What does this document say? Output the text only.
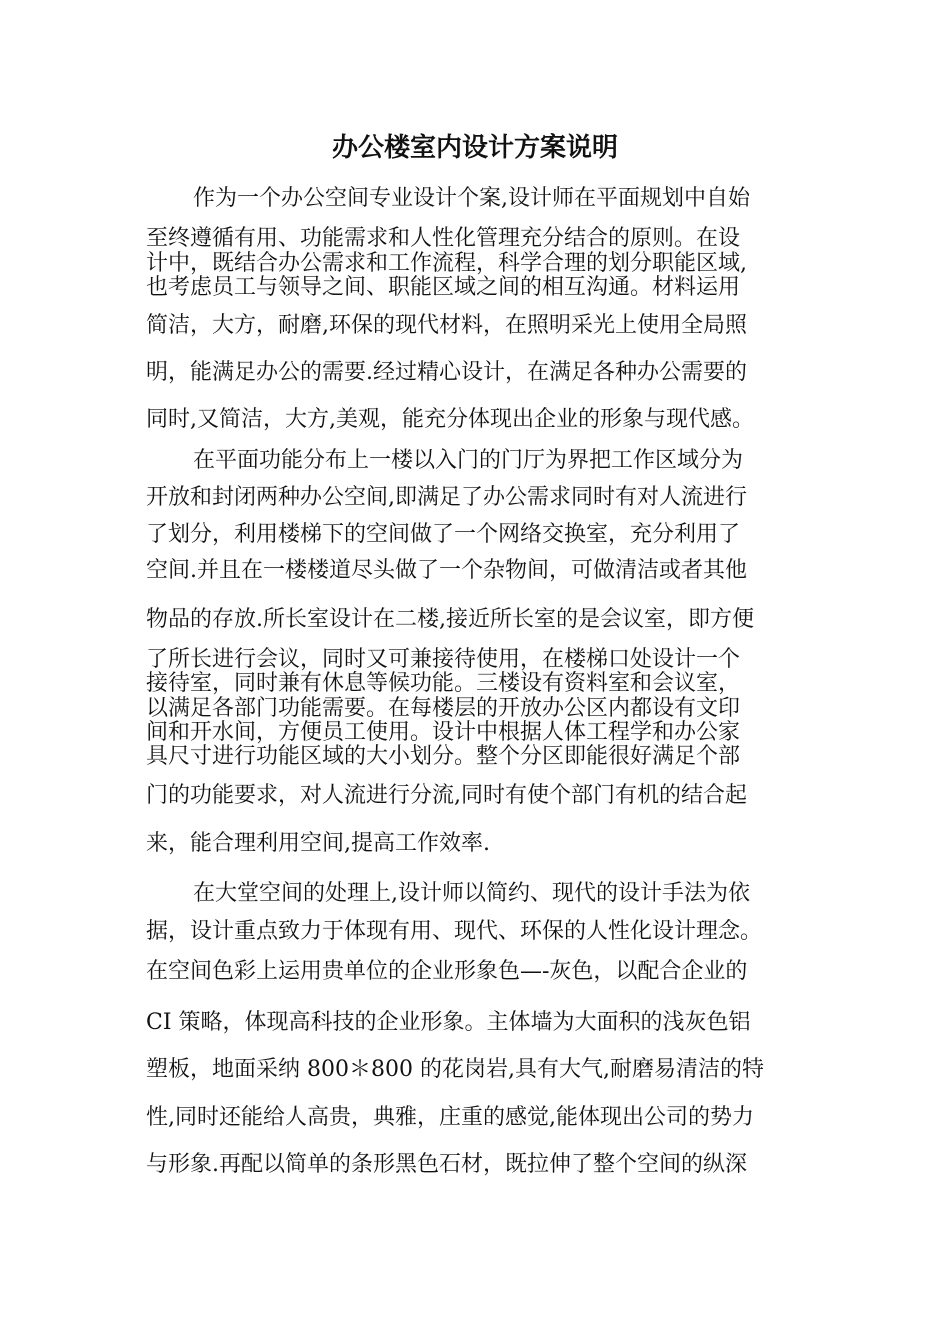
办公楼室内设计方案说明
作为一个办公空间专业设计个案,设计师在平面规划中自始
至终遵循有用、功能需求和人性化管理充分结合的原则。在设
计中，既结合办公需求和工作流程，科学合理的划分职能区域,
也考虑员工与领导之间、职能区域之间的相互沟通。材料运用
简洁，大方，耐磨,环保的现代材料，在照明采光上使用全局照
明，能满足办公的需要.经过精心设计，在满足各种办公需要的
同时,又简洁，大方,美观，能充分体现出企业的形象与现代感。
在平面功能分布上一楼以入门的门厅为界把工作区域分为
开放和封闭两种办公空间,即满足了办公需求同时有对人流进行
了划分，利用楼梯下的空间做了一个网络交换室，充分利用了
空间.并且在一楼楼道尽头做了一个杂物间，可做清洁或者其他
物品的存放.所长室设计在二楼,接近所长室的是会议室，即方便
了所长进行会议，同时又可兼接待使用，在楼梯口处设计一个
接待室，同时兼有休息等候功能。三楼设有资料室和会议室，
以满足各部门功能需要。在每楼层的开放办公区内都设有文印
间和开水间，方便员工使用。设计中根据人体工程学和办公家
具尺寸进行功能区域的大小划分。整个分区即能很好满足个部
门的功能要求，对人流进行分流,同时有使个部门有机的结合起
来，能合理利用空间,提高工作效率.
在大堂空间的处理上,设计师以简约、现代的设计手法为依
据，设计重点致力于体现有用、现代、环保的人性化设计理念。
在空间色彩上运用贵单位的企业形象色—-灰色，以配合企业的
CI 策略，体现高科技的企业形象。主体墙为大面积的浅灰色铝
塑板，地面采纳 800＊800 的花岗岩,具有大气,耐磨易清洁的特
性,同时还能给人高贵，典雅，庄重的感觉,能体现出公司的势力
与形象.再配以简单的条形黑色石材，既拉伸了整个空间的纵深
